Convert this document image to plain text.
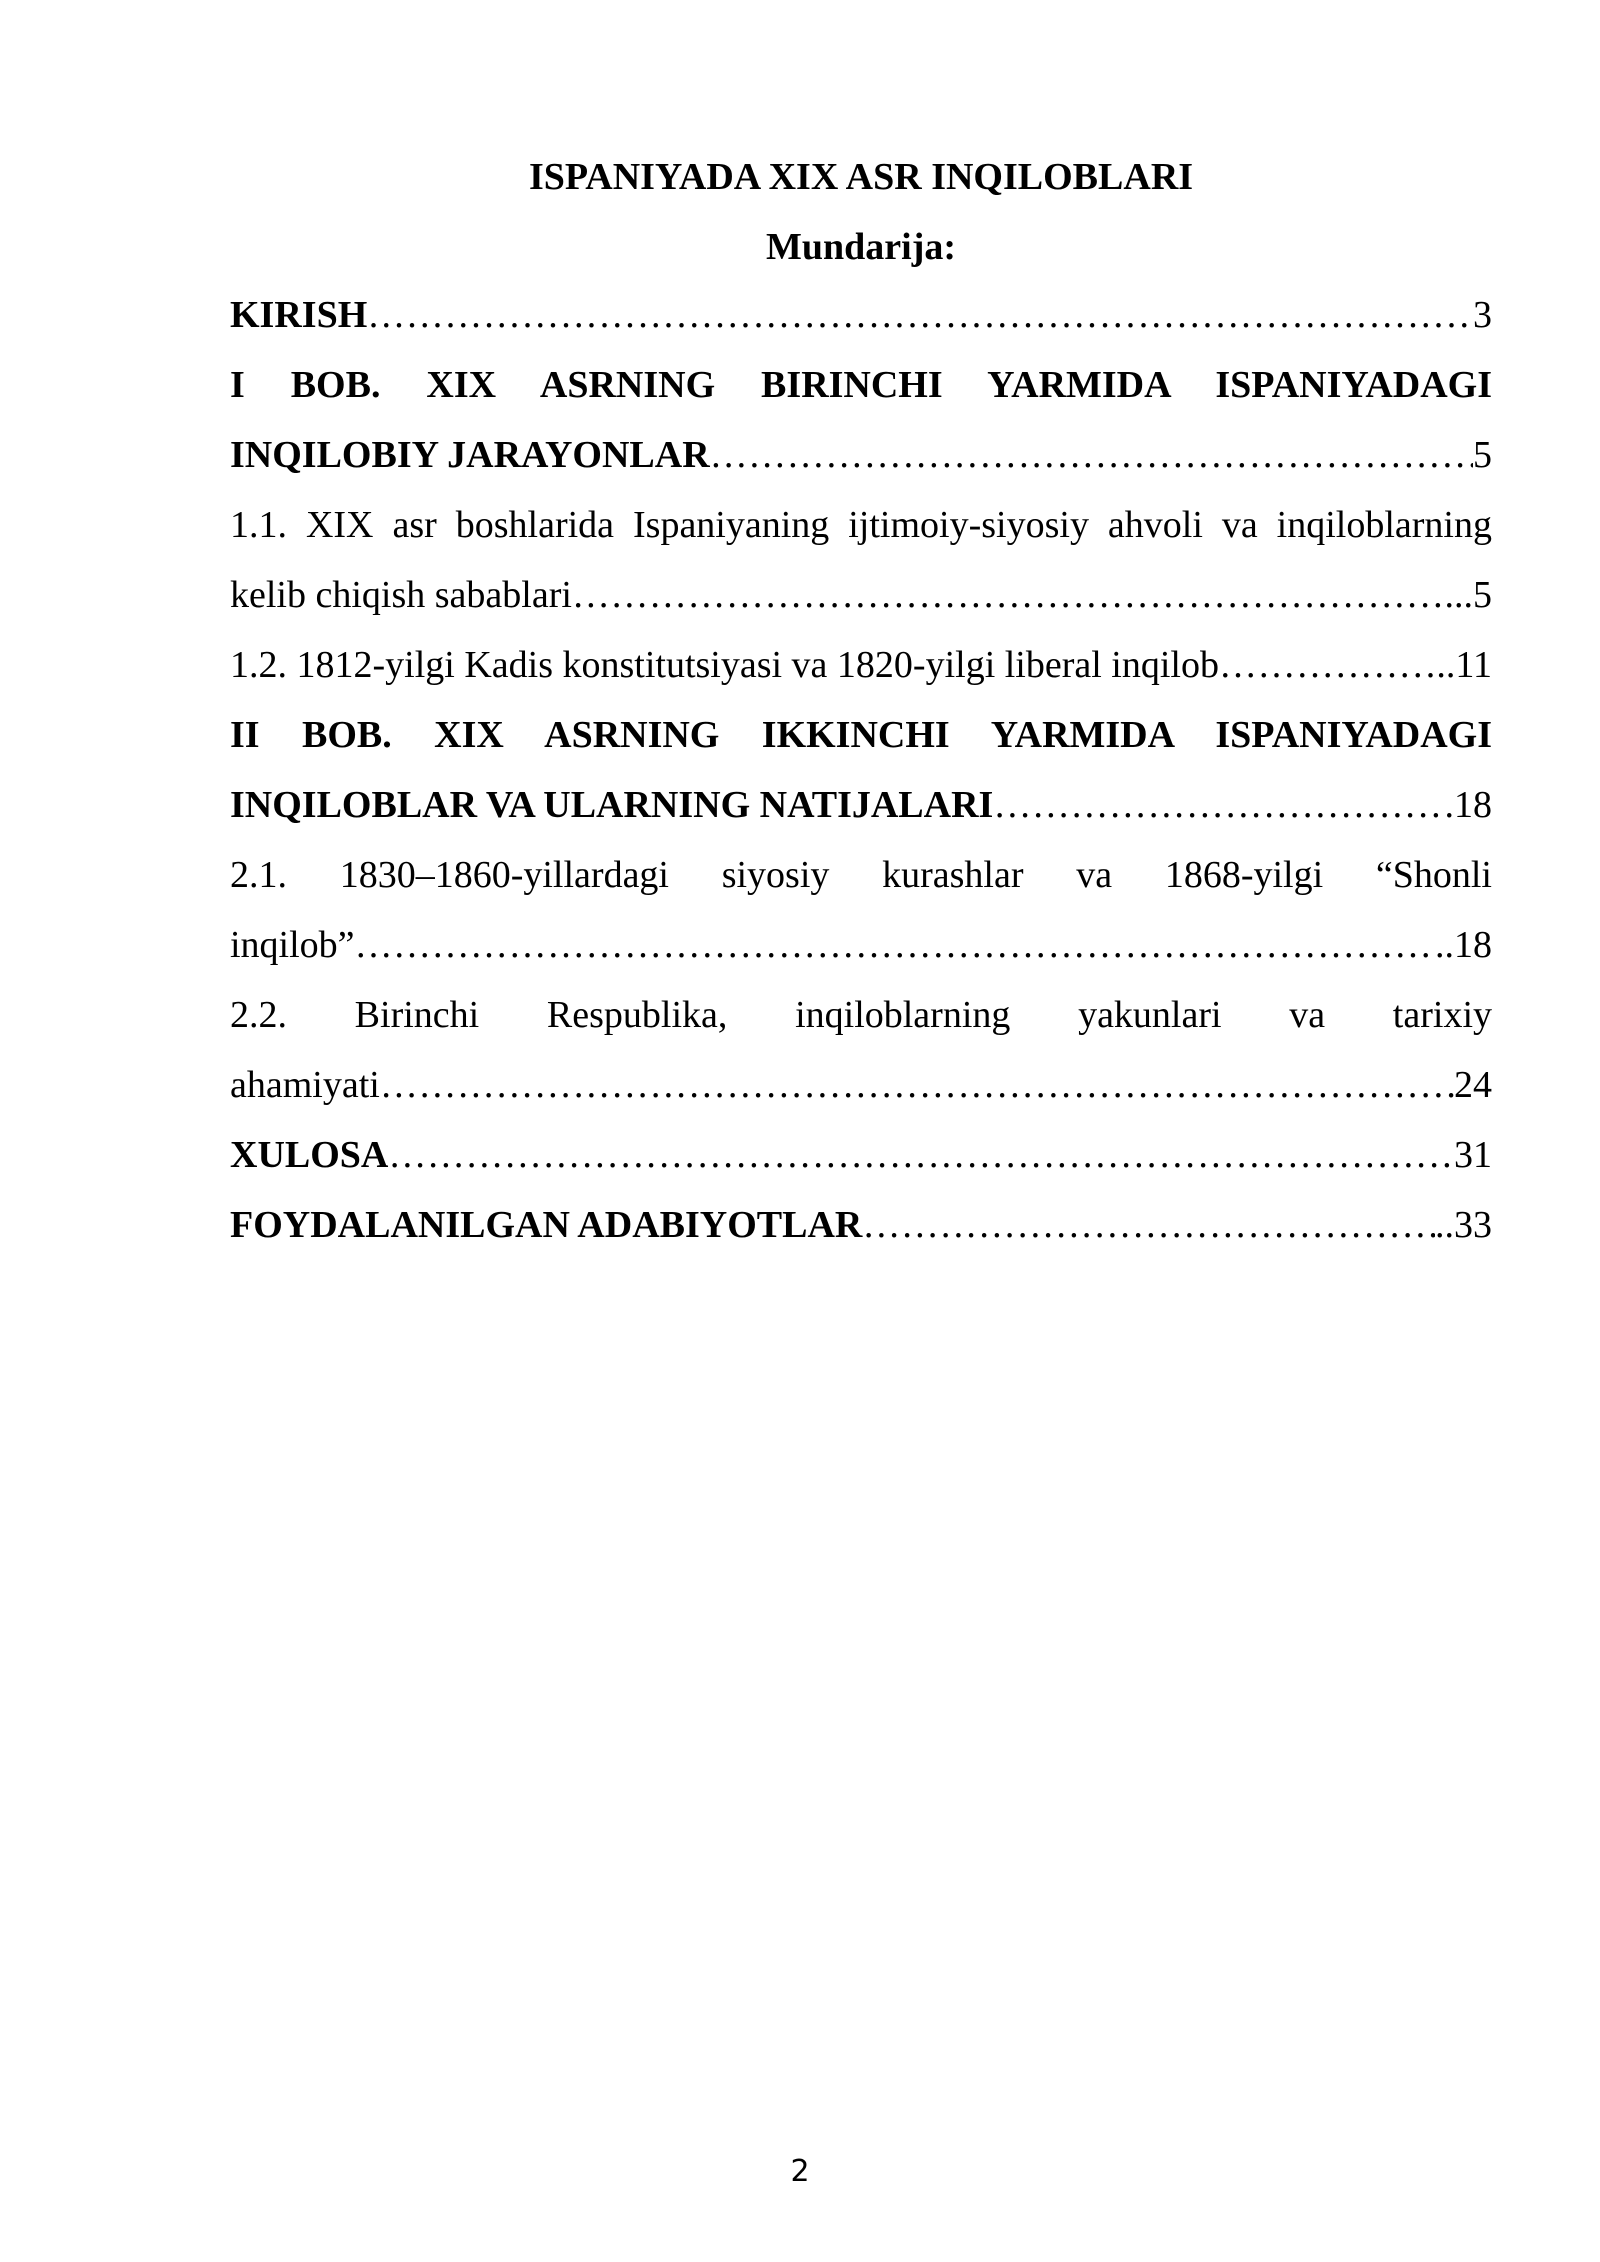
ISPANIYADA XIX ASR INQILOBLARI
Mundarija:
KIRISH ………………………………………………………………………………………………………………………………………………………………………………	3
I BOB. XIX ASRNING BIRINCHI YARMIDA ISPANIYADAGI
INQILOBIY JARAYONLAR ………………………………………………………………………………………………………………………………………………………………………………	5
1.1. XIX asr boshlarida Ispaniyaning ijtimoiy-siyosiy ahvoli va inqiloblarning
kelib chiqish sabablari ………………………………………………………………………………………………………………………………………………………………………………	...5
1.2. 1812-yilgi Kadis konstitutsiyasi va 1820-yilgi liberal inqilob ………………………………………………………………………………………………………………………………………………………………………………	..11
II BOB. XIX ASRNING IKKINCHI YARMIDA ISPANIYADAGI
INQILOBLAR VA ULARNING NATIJALARI ………………………………………………………………………………………………………………………………………………………………………………	.18
2.1. 1830–1860-yillardagi siyosiy kurashlar va 1868-yilgi “Shonli
inqilob” ………………………………………………………………………………………………………………………………………………………………………………	..18
2.2. Birinchi Respublika, inqiloblarning yakunlari va tarixiy
ahamiyati ………………………………………………………………………………………………………………………………………………………………………………	24
XULOSA ………………………………………………………………………………………………………………………………………………………………………………	31
FOYDALANILGAN ADABIYOTLAR ………………………………………………………………………………………………………………………………………………………………………………	..33
2
